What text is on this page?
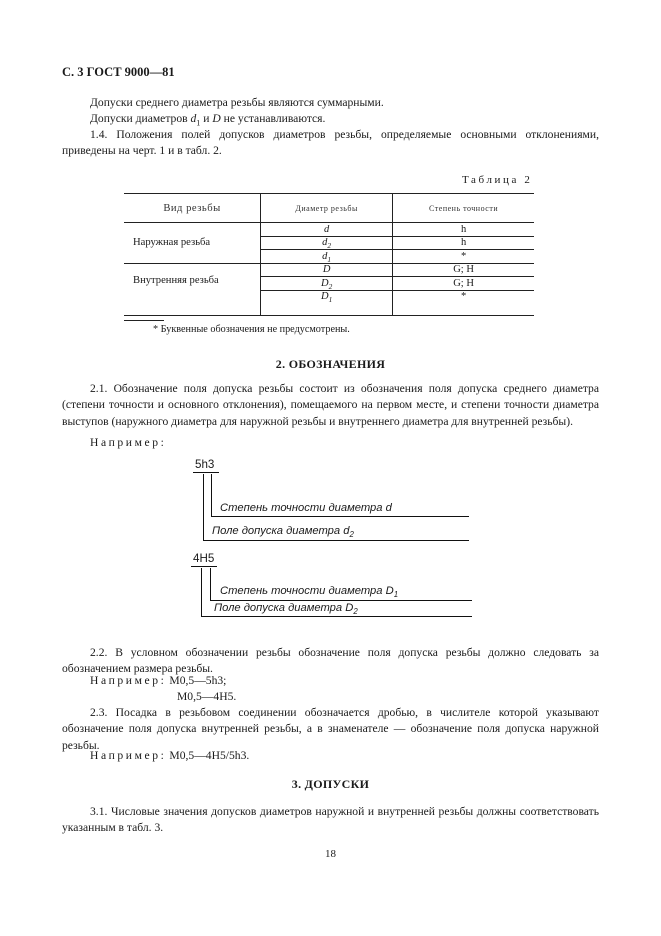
С. 3 ГОСТ 9000—81
Допуски среднего диаметра резьбы являются суммарными.
Допуски диаметров $d_1$ и D не устанавливаются.
1.4. Положения полей допусков диаметров резьбы, определяемые основными отклонениями, приведены на черт. 1 и в табл. 2.
Таблица 2
Вид резьбы	Диаметр резьбы	Степень точности
Наружная резьба	d	h
	$d_2$	h
	$d_1$	*
Внутренняя резьба	D	G; H
	$D_2$	G; H
	$D_1$	*
* Буквенные обозначения не предусмотрены.
2. ОБОЗНАЧЕНИЯ
2.1. Обозначение поля допуска резьбы состоит из обозначения поля допуска среднего диаметра (степени точности и основного отклонения), помещаемого на первом месте, и степени точности диаметра выступов (наружного диаметра для наружной резьбы и внутреннего диаметра для внутренней резьбы).
Например:
5h3
Степень точности диаметра d
Поле допуска диаметра $d_2$
4H5
Степень точности диаметра $D_1$
Поле допуска диаметра $D_2$
2.2. В условном обозначении резьбы обозначение поля допуска резьбы должно следовать за обозначением размера резьбы.
Например: М0,5—5h3;
М0,5—4Н5.
2.3. Посадка в резьбовом соединении обозначается дробью, в числителе которой указывают обозначение поля допуска внутренней резьбы, а в знаменателе — обозначение поля допуска наружной резьбы.
Например: М0,5—4Н5/5h3.
3. ДОПУСКИ
3.1. Числовые значения допусков диаметров наружной и внутренней резьбы должны соответствовать указанным в табл. 3.
18
